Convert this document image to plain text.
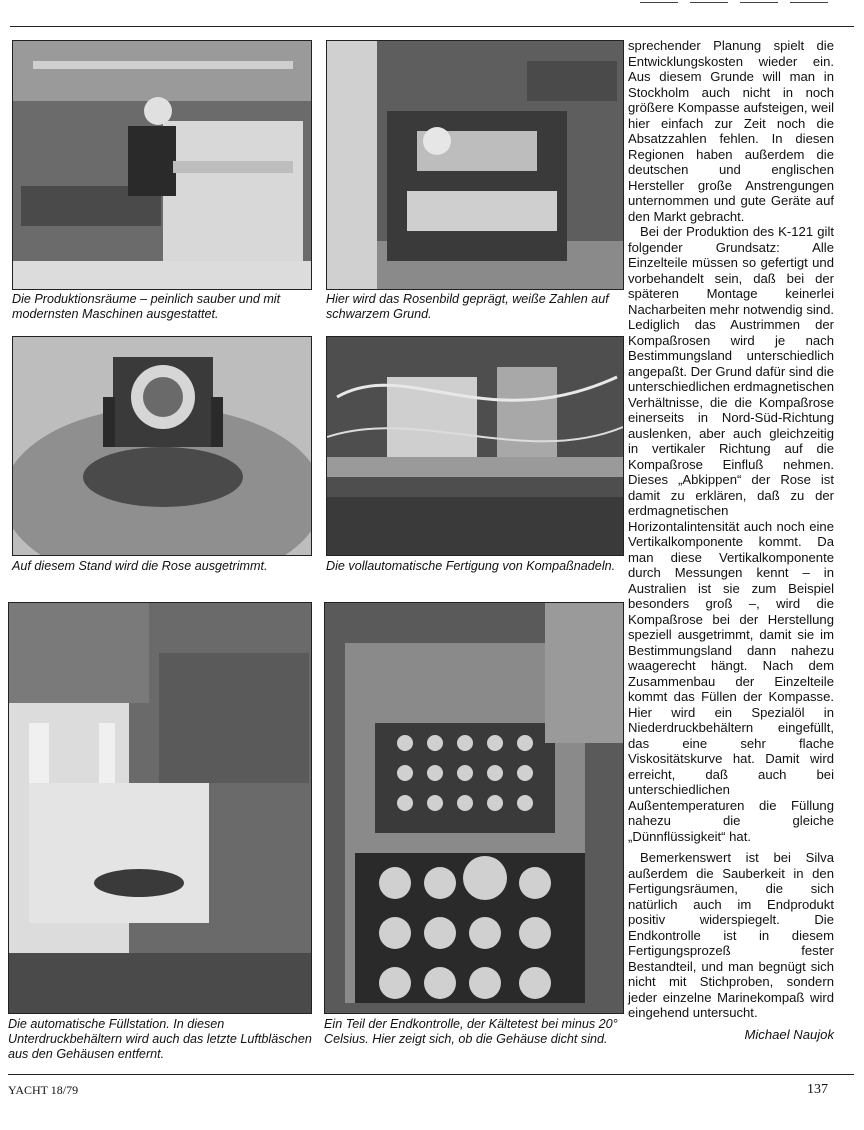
Die Produktionsräume – peinlich sauber und mit modernsten Maschinen ausgestattet.
Hier wird das Rosenbild geprägt, weiße Zahlen auf schwarzem Grund.
Auf diesem Stand wird die Rose ausgetrimmt.	Die vollautomatische Fertigung von Kompaßnadeln.
Die automatische Füllstation. In diesen Unterdruckbehältern wird auch das letzte Luftbläschen aus den Gehäusen entfernt.
Ein Teil der Endkontrolle, der Kältetest bei minus 20° Celsius. Hier zeigt sich, ob die Gehäuse dicht sind.

sprechender Planung spielt die Entwicklungskosten wieder ein. Aus diesem Grunde will man in Stockholm auch nicht in noch größere Kompasse aufsteigen, weil hier einfach zur Zeit noch die Absatzzahlen fehlen. In diesen Regionen haben außerdem die deutschen und englischen Hersteller große Anstrengungen unternommen und gute Geräte auf den Markt gebracht.

Bei der Produktion des K-121 gilt folgender Grundsatz: Alle Einzelteile müssen so gefertigt und vorbehandelt sein, daß bei der späteren Montage keinerlei Nacharbeiten mehr notwendig sind. Lediglich das Austrimmen der Kompaßrosen wird je nach Bestimmungsland unterschiedlich angepaßt. Der Grund dafür sind die unterschiedlichen erdmagnetischen Verhältnisse, die die Kompaßrose einerseits in Nord-Süd-Richtung auslenken, aber auch gleichzeitig in vertikaler Richtung auf die Kompaßrose Einfluß nehmen. Dieses „Abkippen“ der Rose ist damit zu erklären, daß zu der erdmagnetischen Horizontalintensität auch noch eine Vertikalkomponente kommt. Da man diese Vertikalkomponente durch Messungen kennt – in Australien ist sie zum Beispiel besonders groß –, wird die Kompaßrose bei der Herstellung speziell ausgetrimmt, damit sie im Bestimmungsland dann nahezu waagerecht hängt. Nach dem Zusammenbau der Einzelteile kommt das Füllen der Kompasse. Hier wird ein Spezialöl in Niederdruckbehältern eingefüllt, das eine sehr flache Viskositätskurve hat. Damit wird erreicht, daß auch bei unterschiedlichen Außentemperaturen die Füllung nahezu die gleiche „Dünnflüssigkeit“ hat.

Bemerkenswert ist bei Silva außerdem die Sauberkeit in den Fertigungsräumen, die sich natürlich auch im Endprodukt positiv widerspiegelt. Die Endkontrolle ist in diesem Fertigungsprozeß fester Bestandteil, und man begnügt sich nicht mit Stichproben, sondern jeder einzelne Marinekompaß wird eingehend untersucht.

Michael Naujok

YACHT 18/79	137
